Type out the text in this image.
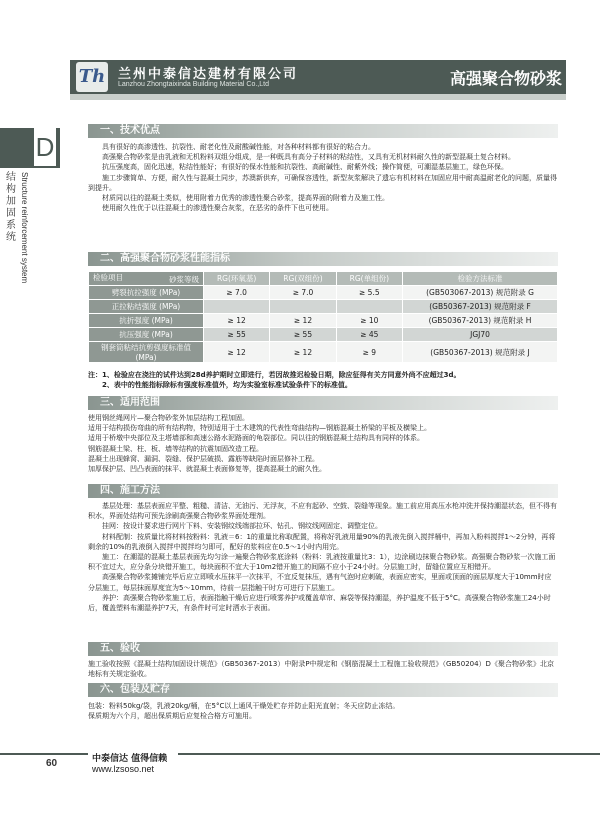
Th 兰州中泰信达建材有限公司
Lanzhou Zhongtaixinda Building Material Co.,Ltd	高强聚合物砂浆
D
结构加固系统 Structure reinforcement system
一、技术优点

具有很好的高渗透性、抗裂性、耐老化性及耐酸碱性能，对各种材料都有很好的粘合力。

高强聚合物砂浆是由乳液和无机粉料双组分组成，是一种既具有高分子材料的粘结性，又具有无机材料耐久性的新型混凝土复合材料。

抗压强度高，固化迅速，粘结性能好；有很好的保水性能和抗裂性、高耐碱性、耐紫外线；操作简便，可潮湿基层施工，绿色环保。

施工步骤简单、方便，耐久性与混凝土同步，苏澳新供弃，可确保容透性，新型灰浆解决了遗忘有机材料在加固应用中耐高温耐老化的问题，质量得到提升。

材质同以往的混凝土类似，使用附着力优秀的渗透性聚合砂浆，提高界面的附着力及施工性。

使用耐久性优于以往混凝土的渗透性聚合灰浆，在恶劣的条件下也可使用。

二、高强聚合物砂浆性能指标
砂浆等级
检验项目	RG(环氧基)	RG(双组份)	RG(单组份)	检验方法标准
劈裂抗拉强度 (MPa)	≥ 7.0	≥ 7.0	≥ 5.5	(GB503067-2013) 规范附录 G
正拉粘结强度 (MPa)				(GB50367-2013) 规范附录 F
抗折强度 (MPa)	≥ 12	≥ 12	≥ 10	(GB50367-2013) 规范附录 H
抗压强度 (MPa)	≥ 55	≥ 55	≥ 45	JGJ70
钢套筒粘结抗剪强度标准值 (MPa)	≥ 12	≥ 12	≥ 9	(GB50367-2013) 规范附录 J

注：1、检验应在浇注的试件达到28d养护期时立即进行，若因故推迟检验日期，除应征得有关方同意外尚不应超过3d。

2、表中的性能指标除标有强度标准值外，均为实验室标准试验条件下的标准值。

三、适用范围

使用钢丝绳网片—聚合物砂浆外加层结构工程加固。

适用于结构损伤弯曲的所有结构物，特别适用于土木建筑的代表性弯曲结构—钢筋混凝土桥梁的平板及横梁上。

适用于桥墩中央部位及主塔墙部和高速公路水泥路面的龟裂部位。同以往的钢筋混凝土结构具有同样的体系。

钢筋混凝土梁、柱、板、墙等结构的抗震加固改造工程。

混凝土出现蜂窝、漏洞、裂缝、保护层破损、露筋等缺陷时面层修补工程。

加厚保护层、凹凸表面的抹平、就混凝土表面修复等，提高混凝土的耐久性。

四、施工方法

基层处理：基层表面应平整、粗糙、清洁、无油污、无浮灰，不应有起砂、空鼓、裂缝等现象。施工前应用高压水枪冲洗并保持潮湿状态，但不得有积水，界面处结构可预先涂刷高强聚合物砂浆界面处理剂。

挂网：按设计要求进行网片下料、安装钢纹线端部拉环、钻孔、钢纹线网固定、调整定位。

材料配制：按质量比将材料按粉料：乳液＝6：1的重量比称取配置，将称好乳液用量90%的乳液先倒入搅拌桶中，再加入粉料搅拌1～2分钟，再将剩余的10%的乳液倒入搅拌中搅拌均匀即可，配好的浆料应在0.5～1小时内用完。

施工：在潮湿的混凝土基层表面先均匀涂一遍聚合物砂浆底涂料（粉料：乳液按重量比3：1），边涂刷边抹聚合物砂浆。高强聚合物砂浆一次施工面积不宜过大，应分条分块错开施工，每块面积不宜大于10m2错开施工的间隔不应小于24小时。分层施工时，留缝位置应互相错开。

高强聚合物砂浆摊铺完毕后应立即喷水压抹平一次抹平，不宜反复抹压，遇有气泡时应刺破，表面应密实，里面或顶面的面层厚度大于10mm时应分层施工，每层抹面厚度宜为5～10mm，待前一层指触干时方可进行下层施工。

养护：高强聚合物砂浆施工后，表面指触干燥后应进行喷雾养护或覆盖草帘、麻袋等保持潮湿，养护温度不低于5°C。高强聚合物砂浆施工24小时后，覆盖塑料布潮湿养护7天，有条件时可定时洒水于表面。

五、验收

施工验收按照《混凝土结构加固设计规范》（GB50367-2013）中附录P中规定和《钢筋混凝土工程施工验收规范》（GB50204）D《聚合物砂浆》北京地标有关规定验收。

六、包装及贮存

包装：粉料50kg/袋，乳液20kg/桶，在5°C以上通风干燥处贮存并防止阳光直射；冬天应防止冻结。

保质期为六个月，超出保质期后应复检合格方可施用。

60	中泰信达 值得信赖
www.lzsoso.net
